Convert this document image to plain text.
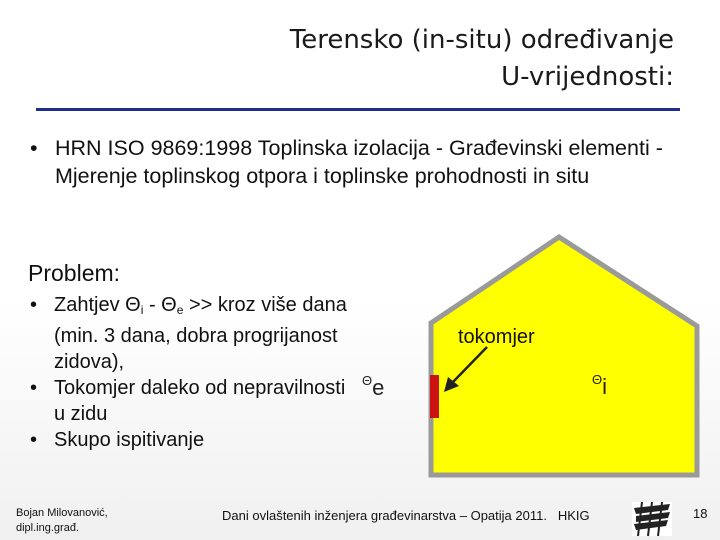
Terensko (in-situ) određivanje
U-vrijednosti:
• HRN ISO 9869:1998 Toplinska izolacija - Građevinski elementi - Mjerenje toplinskog otpora i toplinske prohodnosti in situ
Problem:
• Zahtjev $\Theta_i - \Theta_e$ >> kroz više dana (min. 3 dana, dobra progrijanost zidova),
• Tokomjer daleko od nepravilnosti u zidu
• Skupo ispitivanje
tokomjer
$^\Theta$e	$^\Theta$i
Bojan Milovanović,
dipl.ing.građ.
Dani ovlaštenih inženjera građevinarstva – Opatija 2011. HKIG	18
